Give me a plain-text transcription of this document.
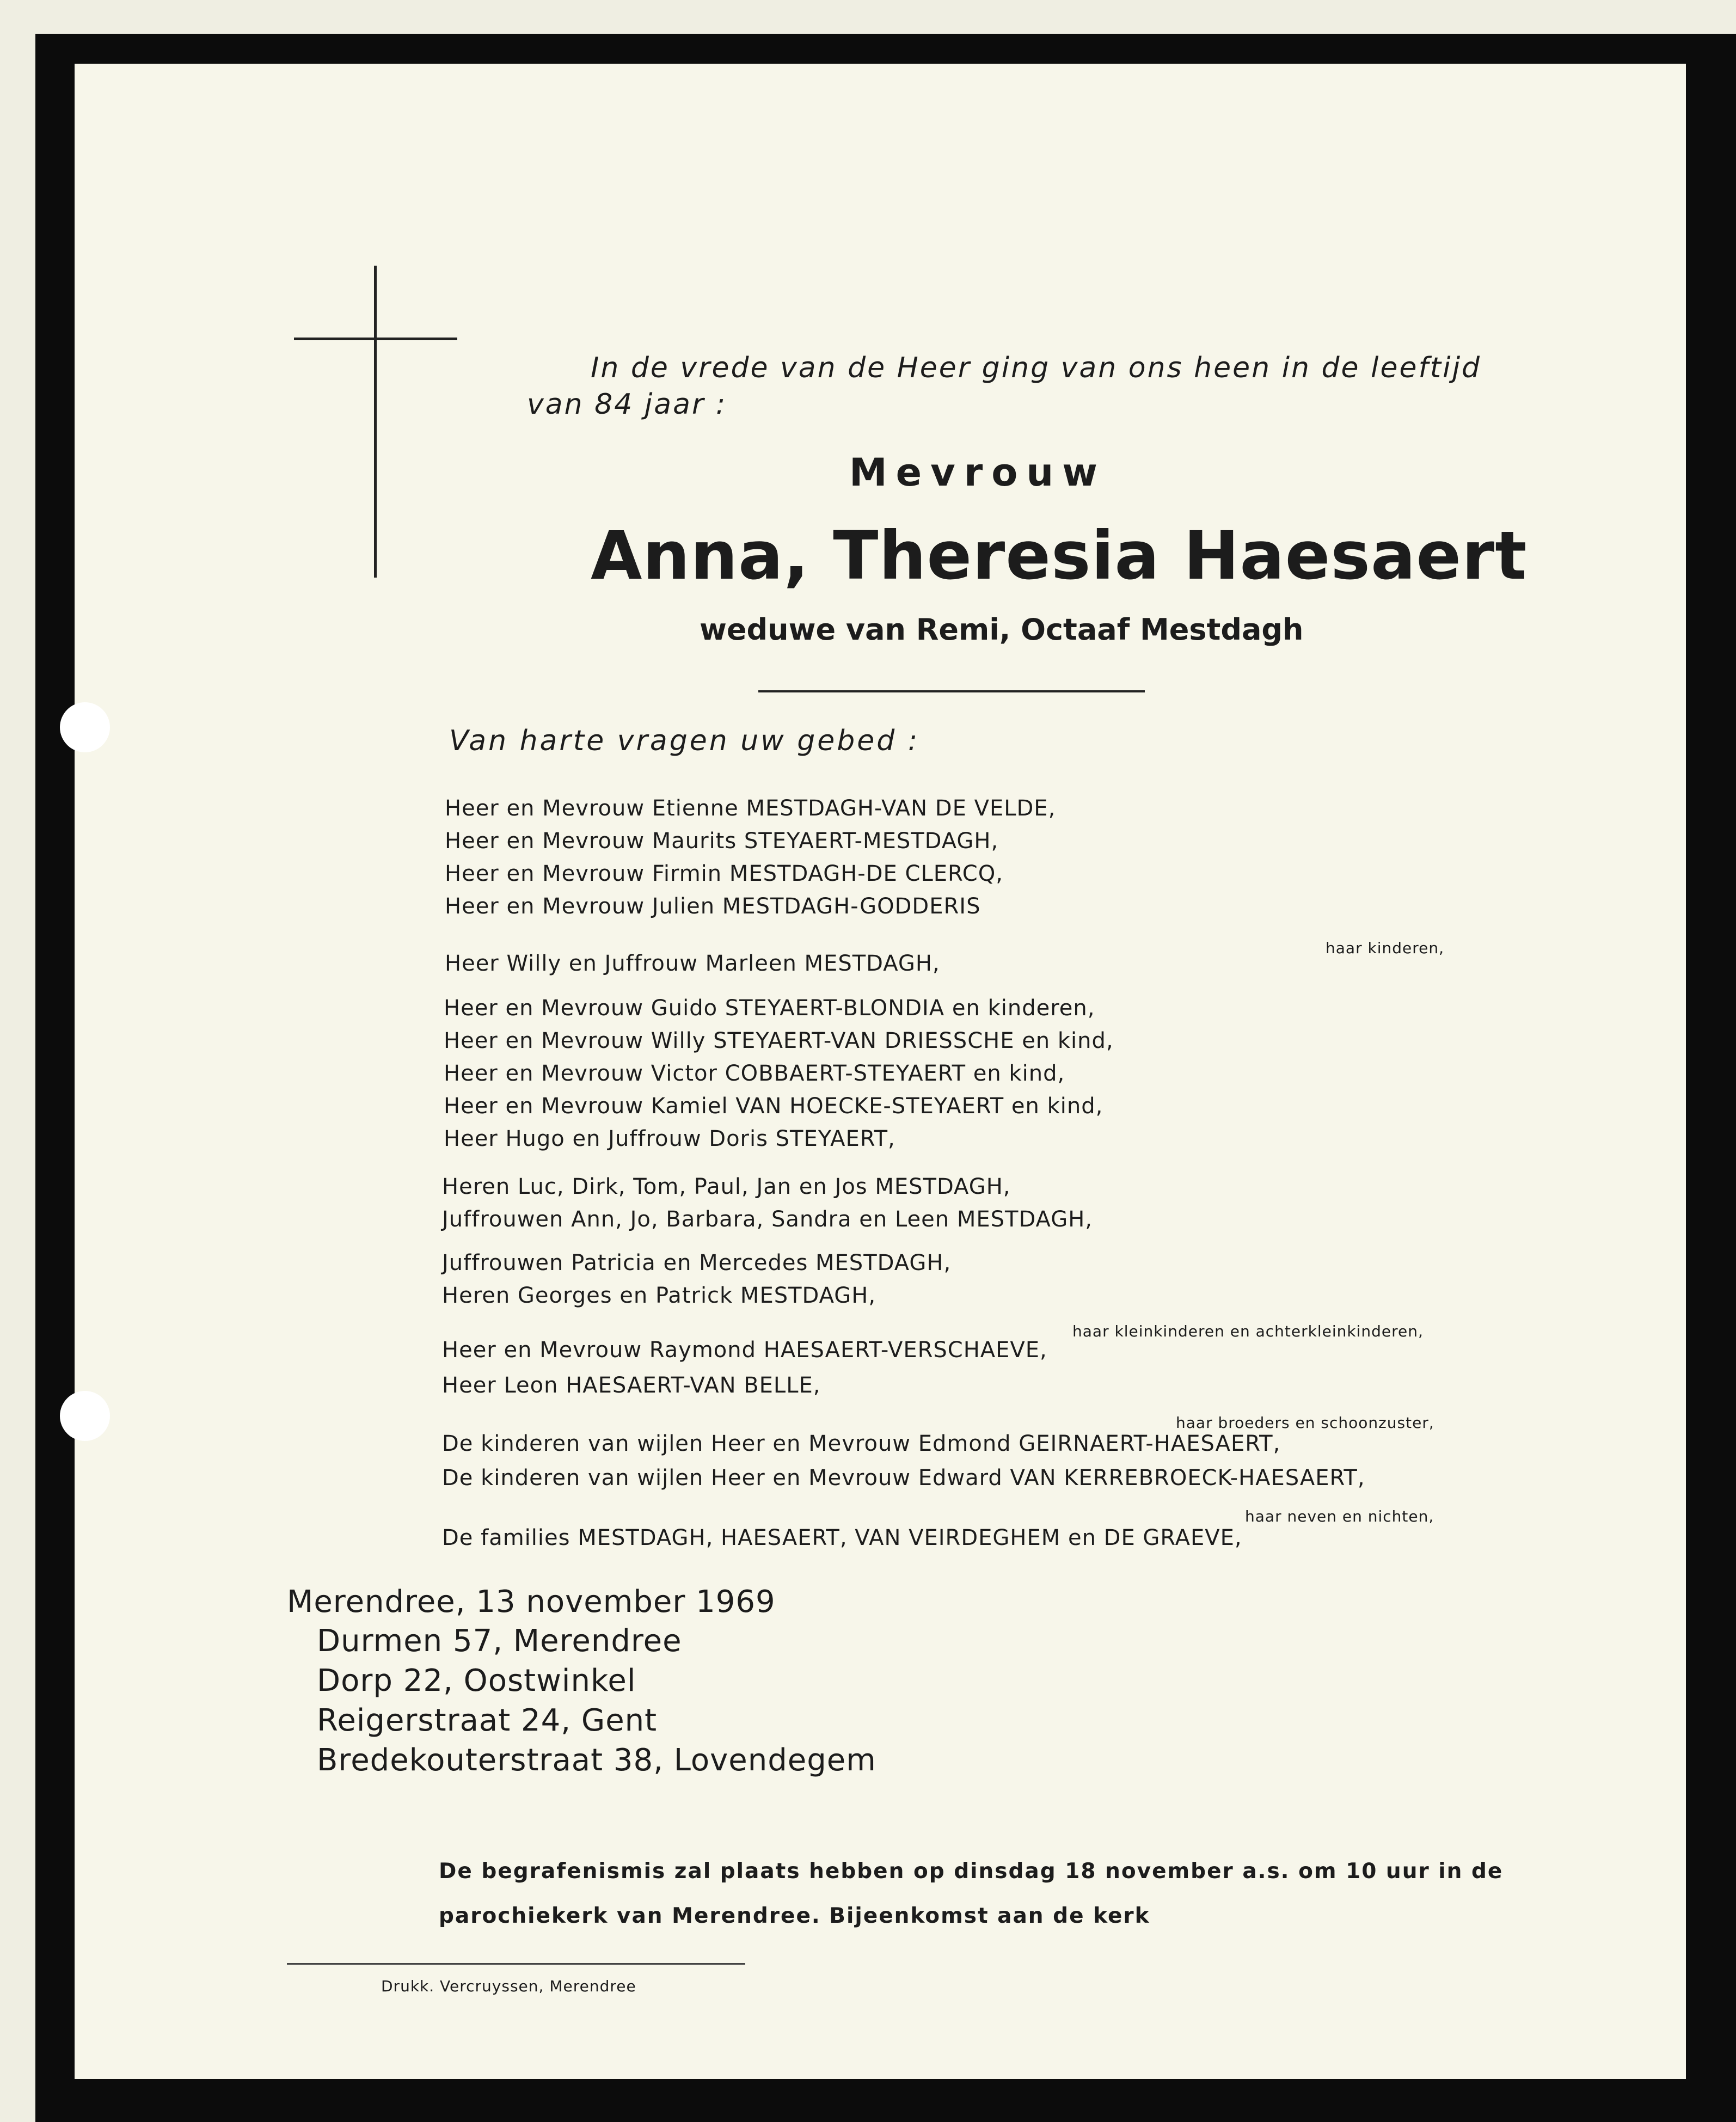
In de vrede van de Heer ging van ons heen in de leeftijd
van 84 jaar :
Mevrouw
Anna, Theresia Haesaert
weduwe van Remi, Octaaf Mestdagh
Van harte vragen uw gebed :
Heer en Mevrouw Etienne MESTDAGH-VAN DE VELDE,
Heer en Mevrouw Maurits STEYAERT-MESTDAGH,
Heer en Mevrouw Firmin MESTDAGH-DE CLERCQ,
Heer en Mevrouw Julien MESTDAGH-GODDERIS
haar kinderen,
Heer Willy en Juffrouw Marleen MESTDAGH,
Heer en Mevrouw Guido STEYAERT-BLONDIA en kinderen,
Heer en Mevrouw Willy STEYAERT-VAN DRIESSCHE en kind,
Heer en Mevrouw Victor COBBAERT-STEYAERT en kind,
Heer en Mevrouw Kamiel VAN HOECKE-STEYAERT en kind,
Heer Hugo en Juffrouw Doris STEYAERT,
Heren Luc, Dirk, Tom, Paul, Jan en Jos MESTDAGH,
Juffrouwen Ann, Jo, Barbara, Sandra en Leen MESTDAGH,
Juffrouwen Patricia en Mercedes MESTDAGH,
Heren Georges en Patrick MESTDAGH,
haar kleinkinderen en achterkleinkinderen,
Heer en Mevrouw Raymond HAESAERT-VERSCHAEVE,
Heer Leon HAESAERT-VAN BELLE,
haar broeders en schoonzuster,
De kinderen van wijlen Heer en Mevrouw Edmond GEIRNAERT-HAESAERT,
De kinderen van wijlen Heer en Mevrouw Edward VAN KERREBROECK-HAESAERT,
haar neven en nichten,
De families MESTDAGH, HAESAERT, VAN VEIRDEGHEM en DE GRAEVE,
Merendree, 13 november 1969
Durmen 57, Merendree
Dorp 22, Oostwinkel
Reigerstraat 24, Gent
Bredekouterstraat 38, Lovendegem
De begrafenismis zal plaats hebben op dinsdag 18 november a.s. om 10 uur in de
parochiekerk van Merendree. Bijeenkomst aan de kerk
Drukk. Vercruyssen, Merendree
